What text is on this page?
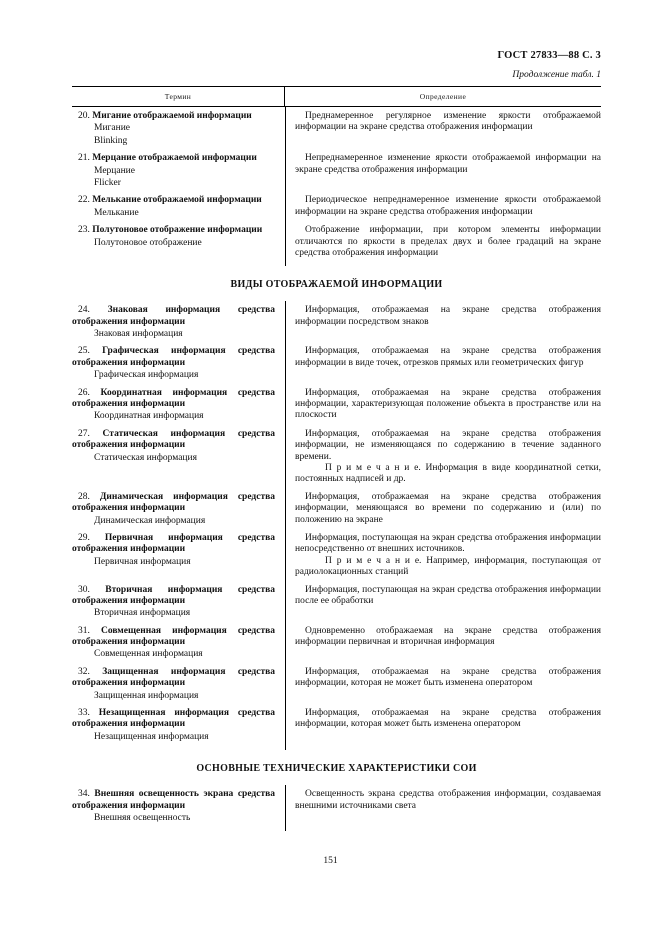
ГОСТ 27833—88 С. 3
Продолжение табл. 1
Термин	Определение
20. Мигание отображаемой информации
Мигание
Blinking
Преднамеренное регулярное изменение яркости отображаемой информации на экране средства отображения информации
21. Мерцание отображаемой информации
Мерцание
Flicker
Непреднамеренное изменение яркости отображаемой информации на экране средства отображения информации
22. Мелькание отображаемой информации
Мелькание
Периодическое непреднамеренное изменение яркости отображаемой информации на экране средства отображения информации
23. Полутоновое отображение информации
Полутоновое отображение
Отображение информации, при котором элементы информации отличаются по яркости в пределах двух и более градаций на экране средства отображения информации
ВИДЫ ОТОБРАЖАЕМОЙ ИНФОРМАЦИИ
24. Знаковая информация средства отображения информации
Знаковая информация
Информация, отображаемая на экране средства отображения информации посредством знаков
25. Графическая информация средства отображения информации
Графическая информация
Информация, отображаемая на экране средства отображения информации в виде точек, отрезков прямых или геометрических фигур
26. Координатная информация средства отображения информации
Координатная информация
Информация, отображаемая на экране средства отображения информации, характеризующая положение объекта в пространстве или на плоскости
27. Статическая информация средства отображения информации
Статическая информация
Информация, отображаемая на экране средства отображения информации, не изменяющаяся по содержанию в течение заданного времени.
П р и м е ч а н и е. Информация в виде координатной сетки, постоянных надписей и др.
28. Динамическая информация средства отображения информации
Динамическая информация
Информация, отображаемая на экране средства отображения информации, меняющаяся во времени по содержанию и (или) по положению на экране
29. Первичная информация средства отображения информации
Первичная информация
Информация, поступающая на экран средства отображения информации непосредственно от внешних источников.
П р и м е ч а н и е. Например, информация, поступающая от радиолокационных станций
30. Вторичная информация средства отображения информации
Вторичная информация
Информация, поступающая на экран средства отображения информации после ее обработки
31. Совмещенная информация средства отображения информации
Совмещенная информация
Одновременно отображаемая на экране средства отображения информации первичная и вторичная информация
32. Защищенная информация средства отображения информации
Защищенная информация
Информация, отображаемая на экране средства отображения информации, которая не может быть изменена оператором
33. Незащищенная информация средства отображения информации
Незащищенная информация
Информация, отображаемая на экране средства отображения информации, которая может быть изменена оператором
ОСНОВНЫЕ ТЕХНИЧЕСКИЕ ХАРАКТЕРИСТИКИ СОИ
34. Внешняя освещенность экрана средства отображения информации
Внешняя освещенность
Освещенность экрана средства отображения информации, создаваемая внешними источниками света
151
